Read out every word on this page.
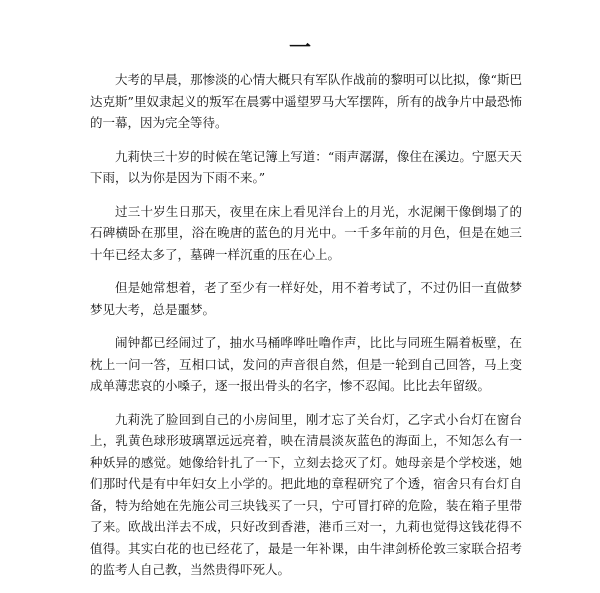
一

大考的早晨，那惨淡的心情大概只有军队作战前的黎明可以比拟，像“斯巴达克斯”里奴隶起义的叛军在晨雾中遥望罗马大军摆阵，所有的战争片中最恐怖的一幕，因为完全等待。

九莉快三十岁的时候在笔记簿上写道：“雨声潺潺，像住在溪边。宁愿天天下雨，以为你是因为下雨不来。”

过三十岁生日那天，夜里在床上看见洋台上的月光，水泥阑干像倒塌了的石碑横卧在那里，浴在晚唐的蓝色的月光中。一千多年前的月色，但是在她三十年已经太多了，墓碑一样沉重的压在心上。

但是她常想着，老了至少有一样好处，用不着考试了，不过仍旧一直做梦梦见大考，总是噩梦。

闹钟都已经闹过了，抽水马桶哗哗吐噜作声，比比与同班生隔着板壁，在枕上一问一答，互相口试，发问的声音很自然，但是一轮到自己回答，马上变成单薄悲哀的小嗓子，逐一报出骨头的名字，惨不忍闻。比比去年留级。

九莉洗了脸回到自己的小房间里，刚才忘了关台灯，乙字式小台灯在窗台上，乳黄色球形玻璃罩远远亮着，映在清晨淡灰蓝色的海面上，不知怎么有一种妖异的感觉。她像给针扎了一下，立刻去捻灭了灯。她母亲是个学校迷，她们那时代是有中年妇女上小学的。把此地的章程研究了个透，宿舍只有台灯自备，特为给她在先施公司三块钱买了一只，宁可冒打碎的危险，装在箱子里带了来。欧战出洋去不成，只好改到香港，港币三对一，九莉也觉得这钱花得不值得。其实白花的也已经花了，最是一年补课，由牛津剑桥伦敦三家联合招考的监考人自己教，当然贵得吓死人。
